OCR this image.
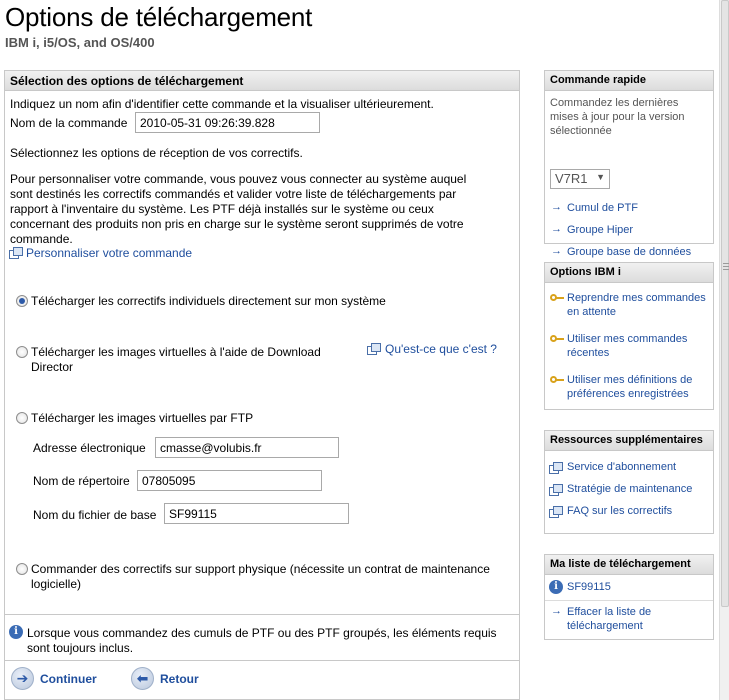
Options de téléchargement
IBM i, i5/OS, and OS/400
Sélection des options de téléchargement
Indiquez un nom afin d'identifier cette commande et la visualiser ultérieurement.
Nom de la commande
2010-05-31 09:26:39.828
Sélectionnez les options de réception de vos correctifs.
Pour personnaliser votre commande, vous pouvez vous connecter au système auquel sont destinés les correctifs commandés et valider votre liste de téléchargements par rapport à l'inventaire du système. Les PTF déjà installés sur le système ou ceux concernant des produits non pris en charge sur le système seront supprimés de votre commande.
Personnaliser votre commande
Télécharger les correctifs individuels directement sur mon système
Télécharger les images virtuelles à l'aide de Download Director
Qu'est-ce que c'est ?
Télécharger les images virtuelles par FTP
Adresse électronique
cmasse@volubis.fr
Nom de répertoire
07805095
Nom du fichier de base
SF99115
Commander des correctifs sur support physique (nécessite un contrat de maintenance logicielle)
i Lorsque vous commandez des cumuls de PTF ou des PTF groupés, les éléments requis sont toujours inclus.
➔ Continuer	⬅ Retour
Commande rapide
Commandez les dernières mises à jour pour la version sélectionnée
V7R1 ▼
→ Cumul de PTF
→ Groupe Hiper
→ Groupe base de données
Options IBM i
Reprendre mes commandes en attente
Utiliser mes commandes récentes
Utiliser mes définitions de préférences enregistrées
Ressources supplémentaires
Service d'abonnement
Stratégie de maintenance
FAQ sur les correctifs
Ma liste de téléchargement
i SF99115
→ Effacer la liste de téléchargement
